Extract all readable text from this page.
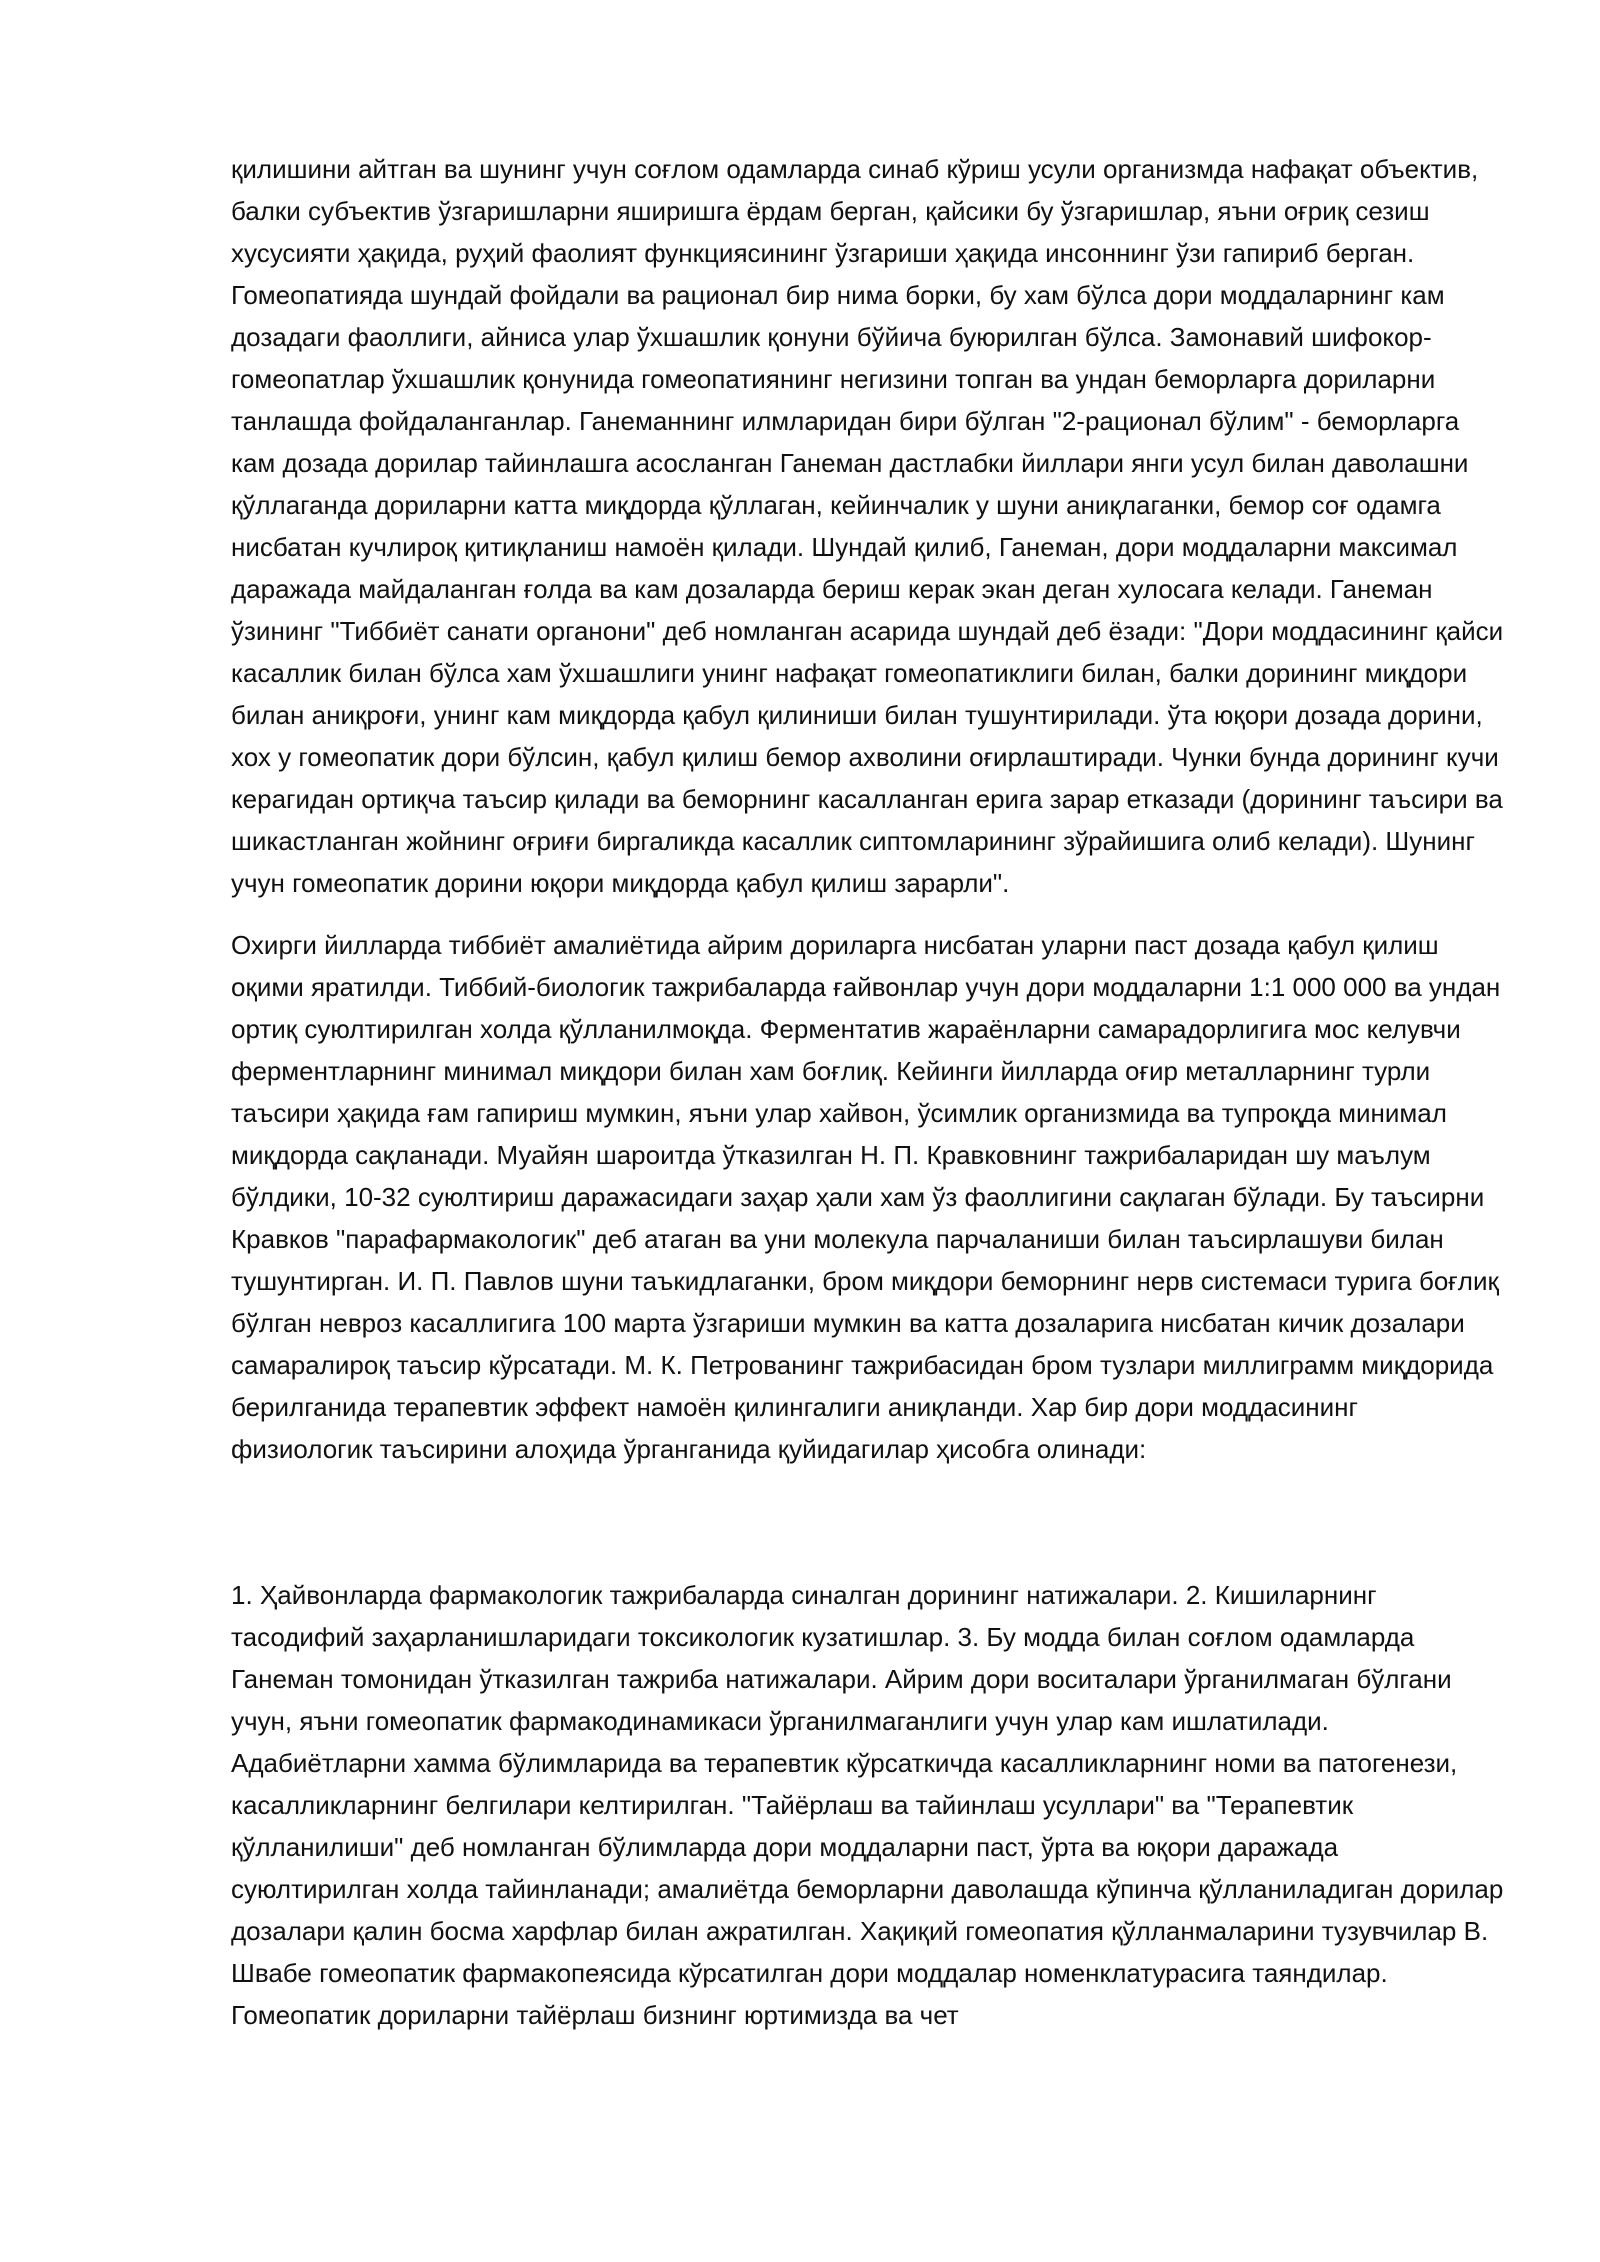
қилишини айтган ва шунинг учун соғлом одамларда синаб кўриш усули организмда нафақат объектив, балки субъектив ўзгаришларни яширишга ёрдам берган, қайсики бу ўзгаришлар, яъни оғриқ сезиш хусусияти ҳақида, руҳий фаолият функциясининг ўзгариши ҳақида инсоннинг ўзи гапириб берган. Гомеопатияда шундай фойдали ва рационал бир нима борки, бу хам бўлса дори моддаларнинг кам дозадаги фаоллиги, айниса улар ўхшашлик қонуни бўйича буюрилган бўлса. Замонавий шифокор-гомеопатлар ўхшашлик қонунида гомеопатиянинг негизини топган ва ундан беморларга дориларни танлашда фойдаланганлар. Ганеманнинг илмларидан бири бўлган "2-рационал бўлим" - беморларга кам дозада дорилар тайинлашга асосланган Ганеман дастлабки йиллари янги усул билан даволашни қўллаганда дориларни катта миқдорда қўллаган, кейинчалик у шуни аниқлаганки, бемор соғ одамга нисбатан кучлироқ қитиқланиш намоён қилади. Шундай қилиб, Ганеман, дори моддаларни максимал даражада майдаланган ғолда ва кам дозаларда бериш керак экан деган хулосага келади. Ганеман ўзининг "Тиббиёт санати органони" деб номланган асарида шундай деб ёзади: "Дори моддасининг қайси касаллик билан бўлса хам ўхшашлиги унинг нафақат гомеопатиклиги билан, балки дорининг миқдори билан аниқроғи, унинг кам миқдорда қабул қилиниши билан тушунтирилади. ўта юқори дозада дорини, хох у гомеопатик дори бўлсин, қабул қилиш бемор ахволини оғирлаштиради. Чунки бунда дорининг кучи керагидан ортиқча таъсир қилади ва беморнинг касалланган ерига зарар етказади (дорининг таъсири ва шикастланган жойнинг оғриғи биргаликда касаллик сиптомларининг зўрайишига олиб келади). Шунинг учун гомеопатик дорини юқори миқдорда қабул қилиш зарарли".

Охирги йилларда тиббиёт амалиётида айрим дориларга нисбатан уларни паст дозада қабул қилиш оқими яратилди. Тиббий-биологик тажрибаларда ғайвонлар учун дори моддаларни 1:1 000 000 ва ундан ортиқ суюлтирилган холда қўлланилмоқда. Ферментатив жараёнларни самарадорлигига мос келувчи ферментларнинг минимал миқдори билан хам боғлиқ. Кейинги йилларда оғир металларнинг турли таъсири ҳақида ғам гапириш мумкин, яъни улар хайвон, ўсимлик организмида ва тупроқда минимал миқдорда сақланади. Муайян шароитда ўтказилган Н. П. Кравковнинг тажрибаларидан шу маълум бўлдики, 10-32 суюлтириш даражасидаги заҳар ҳали хам ўз фаоллигини сақлаган бўлади. Бу таъсирни Кравков "парафармакологик" деб атаган ва уни молекула парчаланиши билан таъсирлашуви билан тушунтирган. И. П. Павлов шуни таъкидлаганки, бром миқдори беморнинг нерв системаси турига боғлиқ бўлган невроз касаллигига 100 марта ўзгариши мумкин ва катта дозаларига нисбатан кичик дозалари самаралироқ таъсир кўрсатади. М. К. Петрованинг тажрибасидан бром тузлари миллиграмм миқдорида берилганида терапевтик эффект намоён қилингалиги аниқланди. Хар бир дори моддасининг физиологик таъсирини алоҳида ўрганганида қуйидагилар ҳисобга олинади:

1. Ҳайвонларда фармакологик тажрибаларда синалган дорининг натижалари. 2. Кишиларнинг тасодифий заҳарланишларидаги токсикологик кузатишлар. 3. Бу модда билан соғлом одамларда Ганеман томонидан ўтказилган тажриба натижалари. Айрим дори воситалари ўрганилмаган бўлгани учун, яъни гомеопатик фармакодинамикаси ўрганилмаганлиги учун улар кам ишлатилади. Адабиётларни хамма бўлимларида ва терапевтик кўрсаткичда касалликларнинг номи ва патогенези, касалликларнинг белгилари келтирилган. "Тайёрлаш ва тайинлаш усуллари" ва "Терапевтик қўлланилиши" деб номланган бўлимларда дори моддаларни паст, ўрта ва юқори даражада суюлтирилган холда тайинланади; амалиётда беморларни даволашда кўпинча қўлланиладиган дорилар дозалари қалин босма харфлар билан ажратилган. Хақиқий гомеопатия қўлланмаларини тузувчилар В. Швабе гомеопатик фармакопеясида кўрсатилган дори моддалар номенклатурасига таяндилар. Гомеопатик дориларни тайёрлаш бизнинг юртимизда ва чет
